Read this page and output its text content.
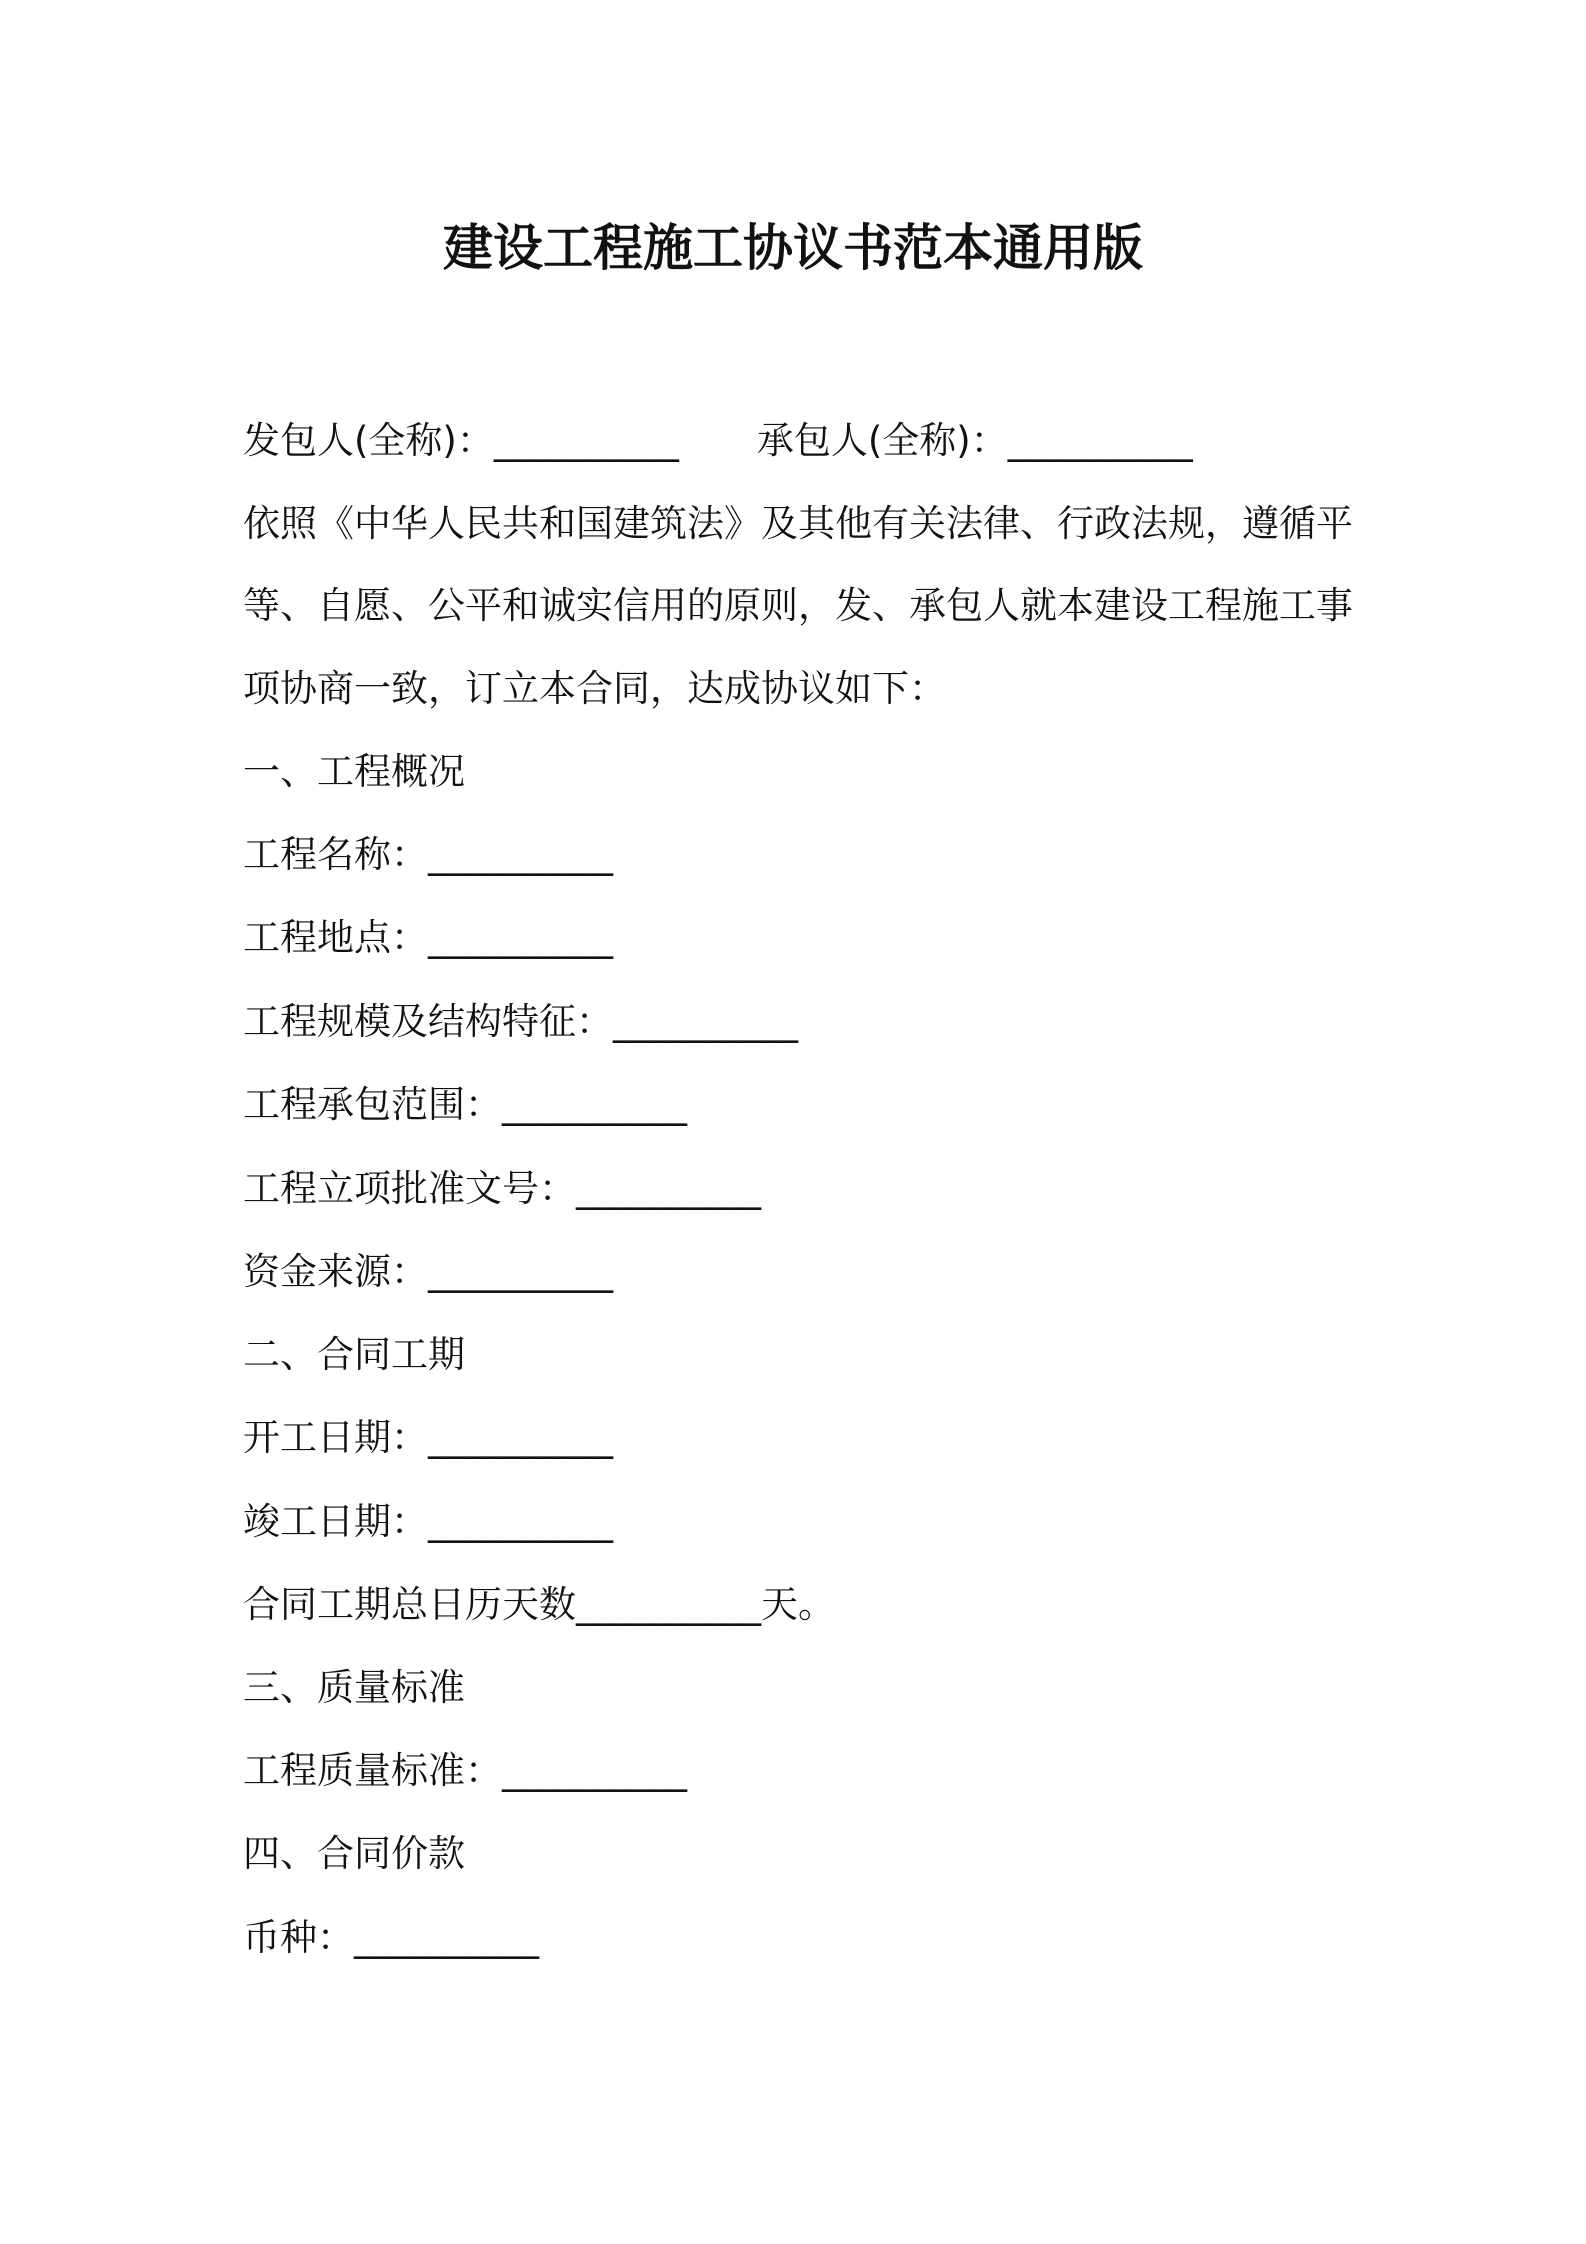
建设工程施工协议书范本通用版
发包人(全称)：__________ 承包人(全称)：__________
依照《中华人民共和国建筑法》及其他有关法律、行政法规，遵循平
等、自愿、公平和诚实信用的原则，发、承包人就本建设工程施工事
项协商一致，订立本合同，达成协议如下：
一、工程概况
工程名称：__________
工程地点：__________
工程规模及结构特征：__________
工程承包范围：__________
工程立项批准文号：__________
资金来源：__________
二、合同工期
开工日期：__________
竣工日期：__________
合同工期总日历天数__________天。
三、质量标准
工程质量标准：__________
四、合同价款
币种：__________
